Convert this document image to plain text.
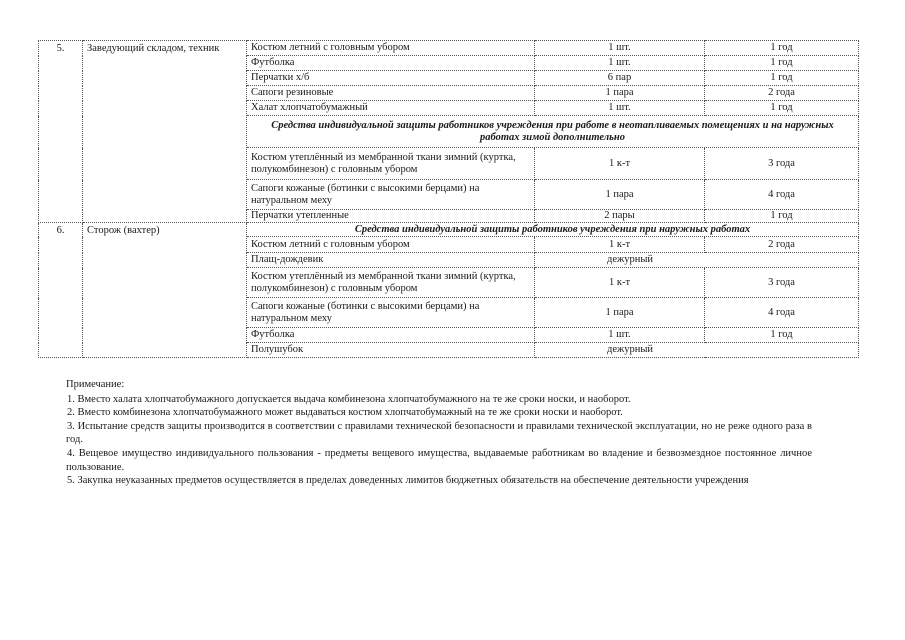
5.	Заведующий складом, техник	Костюм летний с головным убором	1 шт.	1 год
		Футболка	1 шт.	1 год
		Перчатки х/б	6 пар	1 год
		Сапоги резиновые	1 пара	2 года
		Халат хлопчатобумажный	1 шт.	1 год
		Средства индивидуальной защиты работников учреждения при работе в неотапливаемых помещениях и на наружных работах зимой дополнительно		
		Костюм утеплённый из мембранной ткани зимний (куртка, полукомбинезон) с головным убором	1 к-т	3 года
		Сапоги кожаные (ботинки с высокими берцами) на натуральном меху	1 пара	4 года
		Перчатки утепленные	2 пары	1 год
6.	Сторож (вахтер)	Средства индивидуальной защиты работников учреждения при наружных работах		
		Костюм летний с головным убором	1 к-т	2 года
		Плащ-дождевик	дежурный	
		Костюм утеплённый из мембранной ткани зимний (куртка, полукомбинезон) с головным убором	1 к-т	3 года
		Сапоги кожаные (ботинки с высокими берцами) на натуральном меху	1 пара	4 года
		Футболка	1 шт.	1 год
		Полушубок	дежурный	

Примечание:

1. Вместо халата хлопчатобумажного допускается выдача комбинезона хлопчатобумажного на те же сроки носки, и наоборот.

2. Вместо комбинезона хлопчатобумажного может выдаваться костюм хлопчатобумажный на те же сроки носки и наоборот.

3. Испытание средств защиты производится в соответствии с правилами технической безопасности и правилами технической эксплуатации, но не реже одного раза в год.

4. Вещевое имущество индивидуального пользования - предметы вещевого имущества, выдаваемые работникам во владение и безвозмездное постоянное личное пользование.

5. Закупка неуказанных предметов осуществляется в пределах доведенных лимитов бюджетных обязательств на обеспечение деятельности учреждения
